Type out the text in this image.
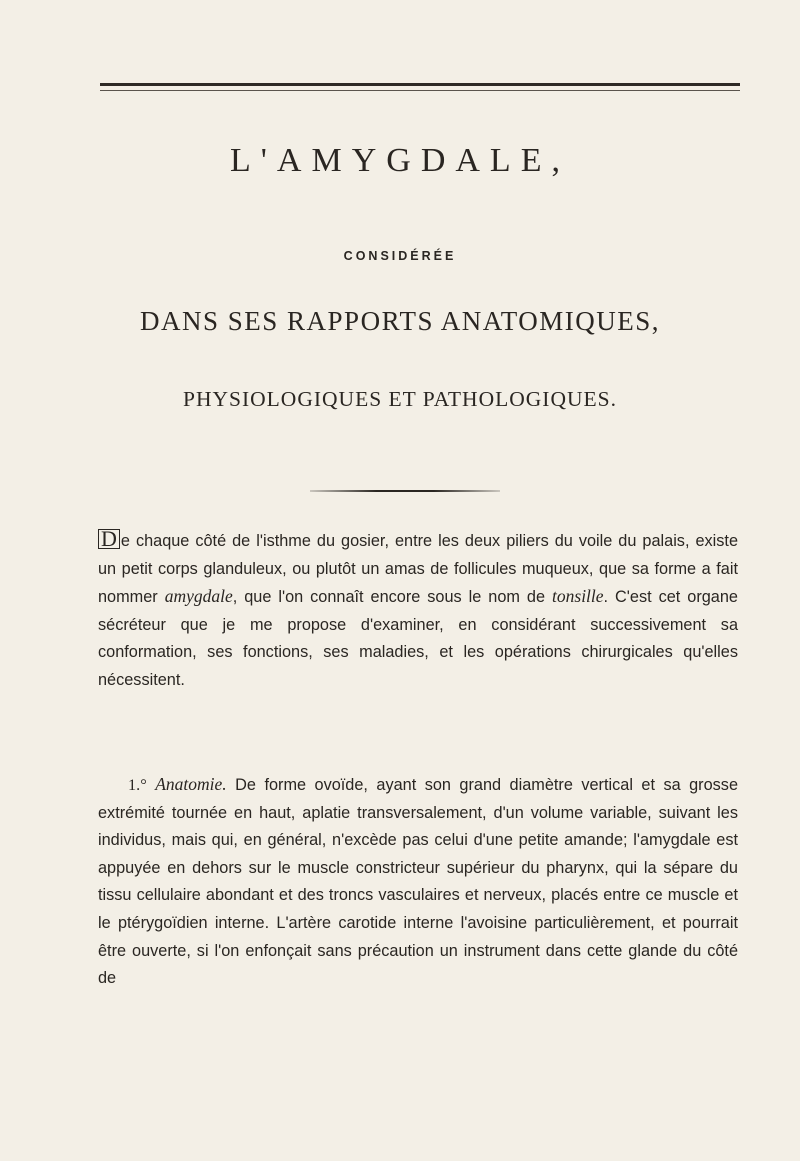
L'AMYGDALE,
CONSIDÉRÉE
DANS SES RAPPORTS ANATOMIQUES,
PHYSIOLOGIQUES ET PATHOLOGIQUES.

D e chaque côté de l'isthme du gosier, entre les deux piliers du voile du palais, existe un petit corps glanduleux, ou plutôt un amas de follicules muqueux, que sa forme a fait nommer amygdale, que l'on connaît encore sous le nom de tonsille. C'est cet organe sécréteur que je me propose d'examiner, en considérant successivement sa conformation, ses fonctions, ses maladies, et les opérations chirurgicales qu'elles nécessitent.

1.° Anatomie. De forme ovoïde, ayant son grand diamètre vertical et sa grosse extrémité tournée en haut, aplatie transversalement, d'un volume variable, suivant les individus, mais qui, en général, n'excède pas celui d'une petite amande; l'amygdale est appuyée en dehors sur le muscle constricteur supérieur du pharynx, qui la sépare du tissu cellulaire abondant et des troncs vasculaires et nerveux, placés entre ce muscle et le ptérygoïdien interne. L'artère carotide interne l'avoisine particulièrement, et pourrait être ouverte, si l'on enfonçait sans précaution un instrument dans cette glande du côté de
